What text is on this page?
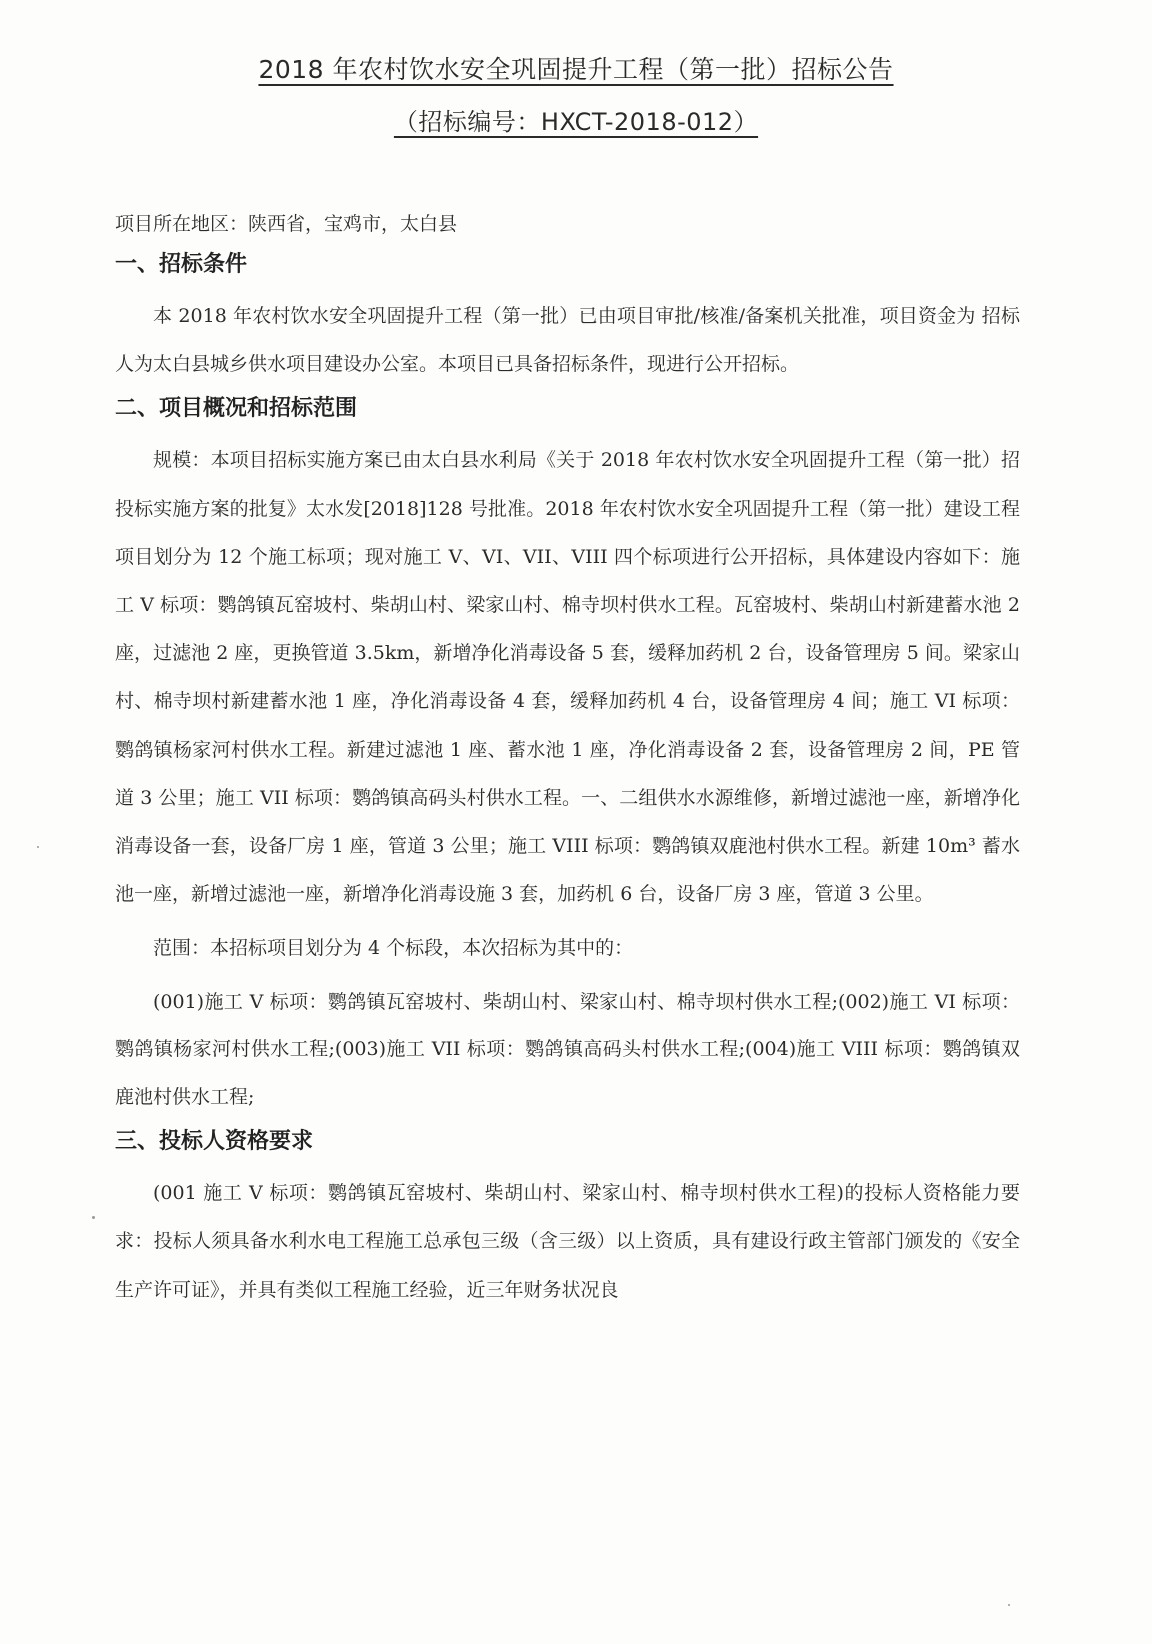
2018 年农村饮水安全巩固提升工程（第一批）招标公告
（招标编号：HXCT-2018-012）
项目所在地区：陕西省，宝鸡市，太白县
一、招标条件
本 2018 年农村饮水安全巩固提升工程（第一批）已由项目审批/核准/备案机关批准，项目资金为 招标人为太白县城乡供水项目建设办公室。本项目已具备招标条件，现进行公开招标。
二、项目概况和招标范围
规模：本项目招标实施方案已由太白县水利局《关于 2018 年农村饮水安全巩固提升工程（第一批）招投标实施方案的批复》太水发[2018]128 号批准。2018 年农村饮水安全巩固提升工程（第一批）建设工程项目划分为 12 个施工标项；现对施工 V、VI、VII、VIII 四个标项进行公开招标，具体建设内容如下：施工 V 标项：鹦鸽镇瓦窑坡村、柴胡山村、梁家山村、棉寺坝村供水工程。瓦窑坡村、柴胡山村新建蓄水池 2 座，过滤池 2 座，更换管道 3.5km，新增净化消毒设备 5 套，缓释加药机 2 台，设备管理房 5 间。梁家山村、棉寺坝村新建蓄水池 1 座，净化消毒设备 4 套，缓释加药机 4 台，设备管理房 4 间；施工 VI 标项：鹦鸽镇杨家河村供水工程。新建过滤池 1 座、蓄水池 1 座，净化消毒设备 2 套，设备管理房 2 间，PE 管道 3 公里；施工 VII 标项：鹦鸽镇高码头村供水工程。一、二组供水水源维修，新增过滤池一座，新增净化消毒设备一套，设备厂房 1 座，管道 3 公里；施工 VIII 标项：鹦鸽镇双鹿池村供水工程。新建 10m³ 蓄水池一座，新增过滤池一座，新增净化消毒设施 3 套，加药机 6 台，设备厂房 3 座，管道 3 公里。
范围：本招标项目划分为 4 个标段，本次招标为其中的：
(001)施工 V 标项：鹦鸽镇瓦窑坡村、柴胡山村、梁家山村、棉寺坝村供水工程;(002)施工 VI 标项：鹦鸽镇杨家河村供水工程;(003)施工 VII 标项：鹦鸽镇高码头村供水工程;(004)施工 VIII 标项：鹦鸽镇双鹿池村供水工程;
三、投标人资格要求
(001 施工 V 标项：鹦鸽镇瓦窑坡村、柴胡山村、梁家山村、棉寺坝村供水工程)的投标人资格能力要求：投标人须具备水利水电工程施工总承包三级（含三级）以上资质，具有建设行政主管部门颁发的《安全生产许可证》，并具有类似工程施工经验，近三年财务状况良
